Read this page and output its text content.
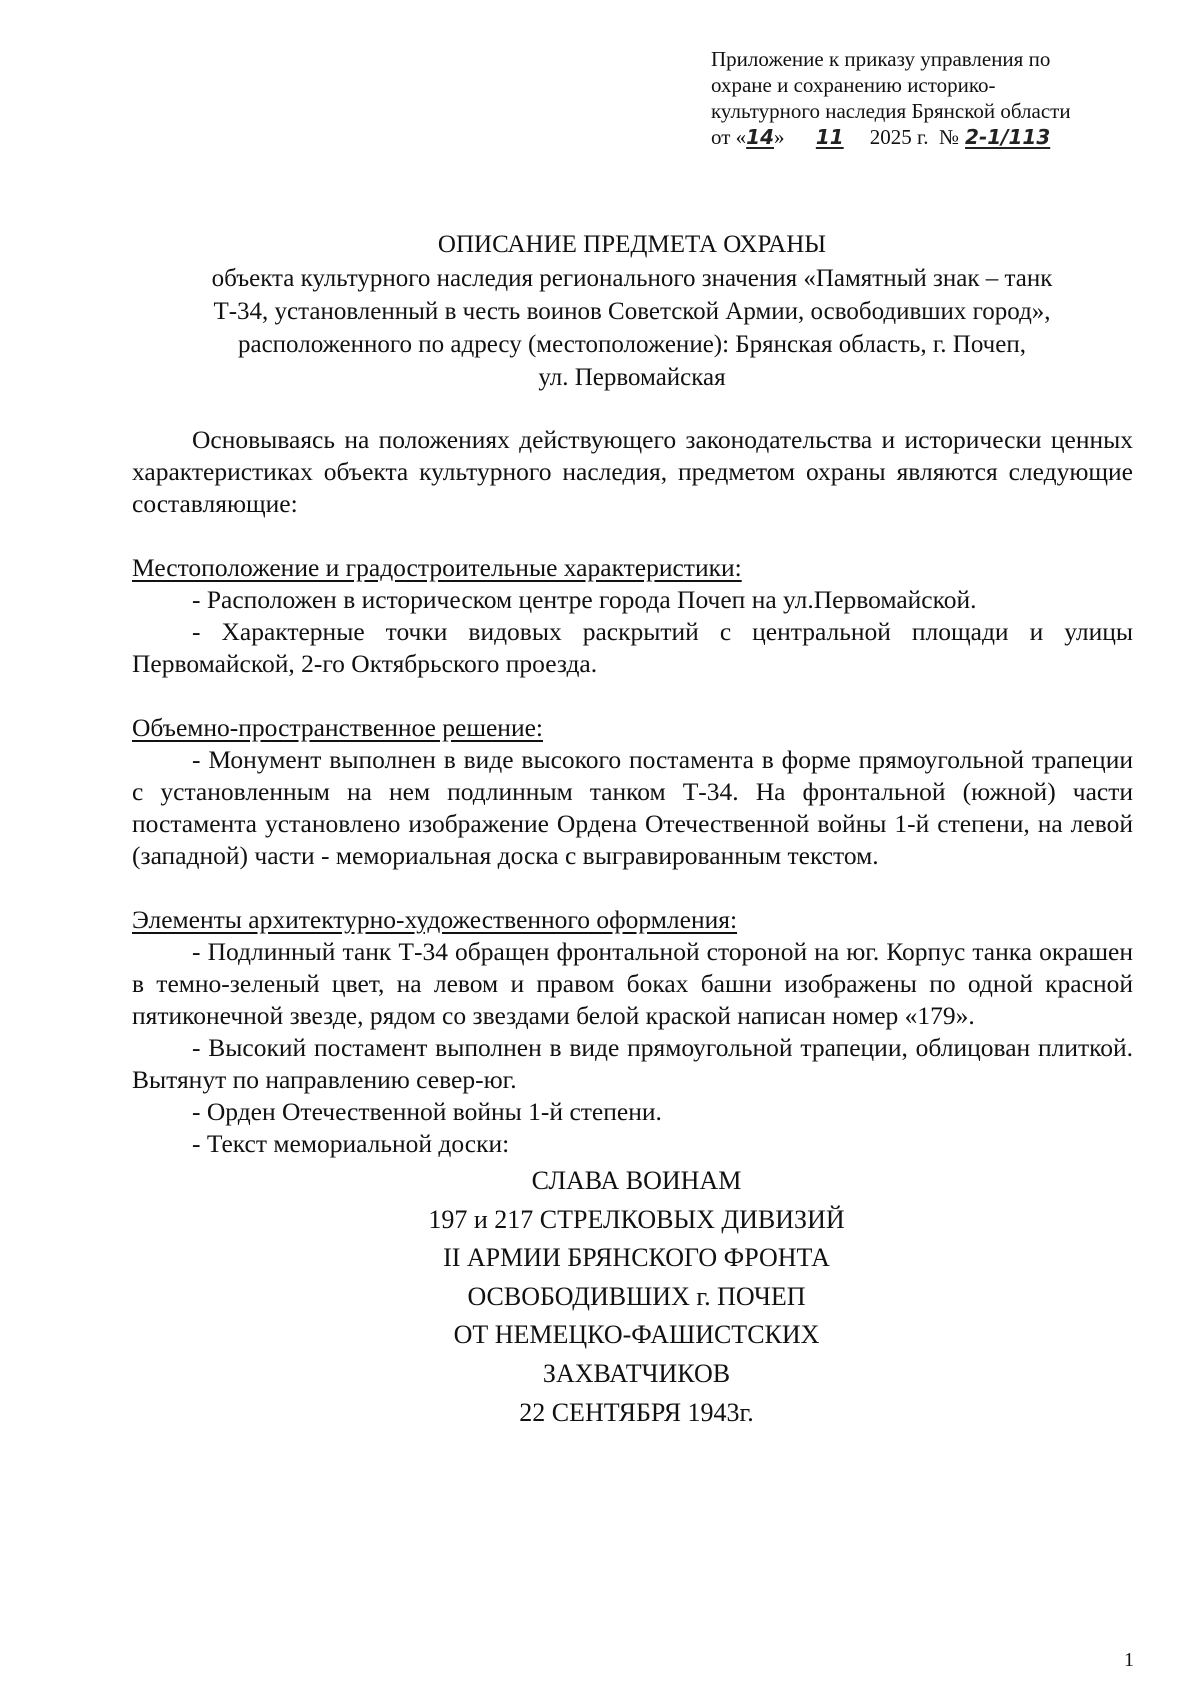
Приложение к приказу управления по
охране и сохранению историко-
культурного наследия Брянской области
от «14» 11 2025 г. № 2-1/113
ОПИСАНИЕ ПРЕДМЕТА ОХРАНЫ
объекта культурного наследия регионального значения «Памятный знак – танк
Т-34, установленный в честь воинов Советской Армии, освободивших город»,
расположенного по адресу (местоположение): Брянская область, г. Почеп,
ул. Первомайская

Основываясь на положениях действующего законодательства и исторически ценных характеристиках объекта культурного наследия, предметом охраны являются следующие составляющие:

Местоположение и градостроительные характеристики:

- Расположен в историческом центре города Почеп на ул.Первомайской.

- Характерные точки видовых раскрытий с центральной площади и улицы Первомайской, 2-го Октябрьского проезда.

Объемно-пространственное решение:

- Монумент выполнен в виде высокого постамента в форме прямоугольной трапеции с установленным на нем подлинным танком Т-34. На фронтальной (южной) части постамента установлено изображение Ордена Отечественной войны 1-й степени, на левой (западной) части - мемориальная доска с выгравированным текстом.

Элементы архитектурно-художественного оформления:

- Подлинный танк Т-34 обращен фронтальной стороной на юг. Корпус танка окрашен в темно-зеленый цвет, на левом и правом боках башни изображены по одной красной пятиконечной звезде, рядом со звездами белой краской написан номер «179».

- Высокий постамент выполнен в виде прямоугольной трапеции, облицован плиткой. Вытянут по направлению север-юг.

- Орден Отечественной войны 1-й степени.

- Текст мемориальной доски:

СЛАВА ВОИНАМ
197 и 217 СТРЕЛКОВЫХ ДИВИЗИЙ
II АРМИИ БРЯНСКОГО ФРОНТА
ОСВОБОДИВШИХ г. ПОЧЕП
ОТ НЕМЕЦКО-ФАШИСТСКИХ
ЗАХВАТЧИКОВ
22 СЕНТЯБРЯ 1943г.
1
